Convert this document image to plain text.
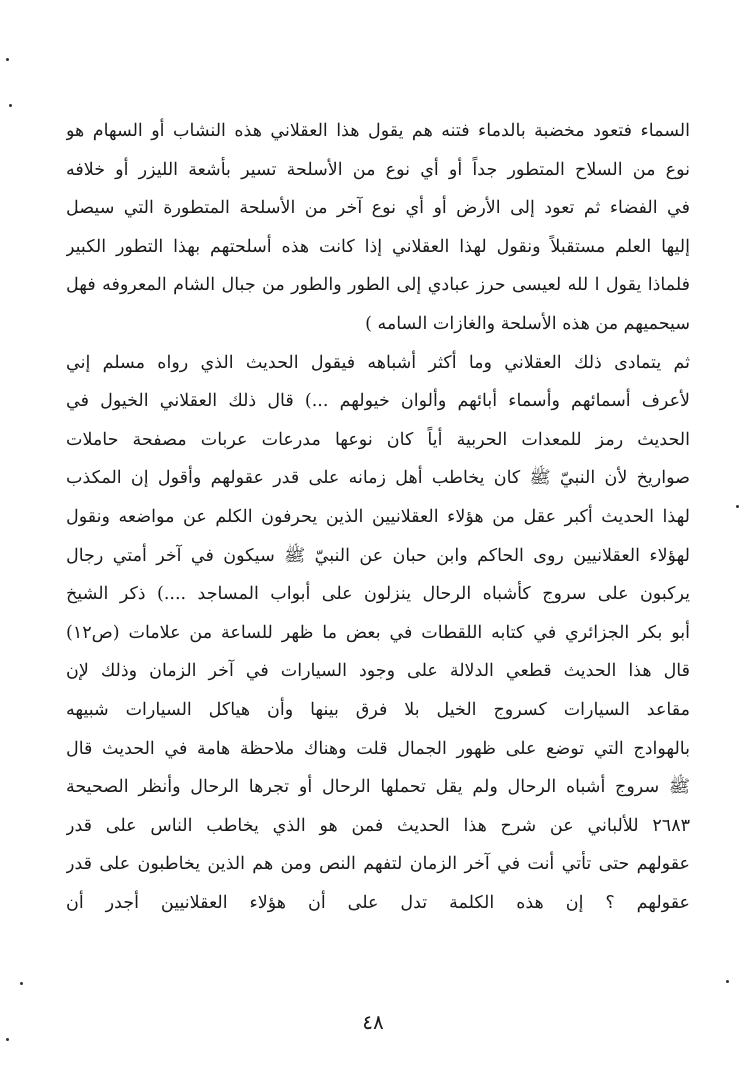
السماء فتعود مخضبة بالدماء فتنه هم يقول هذا العقلاني هذه النشاب أو السهام هو
نوع من السلاح المتطور جداً أو أي نوع من الأسلحة تسير بأشعة الليزر أو خلافه
في الفضاء ثم تعود إلى الأرض أو أي نوع آخر من الأسلحة المتطورة التي سيصل
إليها العلم مستقبلاً ونقول لهذا العقلاني إذا كانت هذه أسلحتهم بهذا التطور الكبير
فلماذا يقول ا لله لعيسى حرز عبادي إلى الطور والطور من جبال الشام المعروفه فهل
سيحميهم من هذه الأسلحة والغازات السامه )
ثم يتمادى ذلك العقلاني وما أكثر أشباهه فيقول الحديث الذي رواه مسلم إني
لأعرف أسمائهم وأسماء أبائهم وألوان خيولهم ...) قال ذلك العقلاني الخيول في
الحديث رمز للمعدات الحربية أياً كان نوعها مدرعات عربات مصفحة حاملات
صواريخ لأن النبيّ ﷺ كان يخاطب أهل زمانه على قدر عقولهم وأقول إن المكذب
لهذا الحديث أكبر عقل من هؤلاء العقلانيين الذين يحرفون الكلم عن مواضعه ونقول
لهؤلاء العقلانيين روى الحاكم وابن حبان عن النبيّ ﷺ سيكون في آخر أمتي رجال
يركبون على سروج كأشباه الرحال ينزلون على أبواب المساجد ....) ذكر الشيخ
أبو بكر الجزائري في كتابه اللقطات في بعض ما ظهر للساعة من علامات (ص١٢)
قال هذا الحديث قطعي الدلالة على وجود السيارات في آخر الزمان وذلك لإن
مقاعد السيارات كسروج الخيل بلا فرق بينها وأن هياكل السيارات شبيهه
بالهوادج التي توضع على ظهور الجمال قلت وهناك ملاحظة هامة في الحديث قال
ﷺ سروج أشباه الرحال ولم يقل تحملها الرحال أو تجرها الرحال وأنظر الصحيحة
٢٦٨٣ للألباني عن شرح هذا الحديث فمن هو الذي يخاطب الناس على قدر
عقولهم حتى تأتي أنت في آخر الزمان لتفهم النص ومن هم الذين يخاطبون على قدر
عقولهم ؟ إن هذه الكلمة تدل على أن هؤلاء العقلانيين أجدر أن
٤٨
